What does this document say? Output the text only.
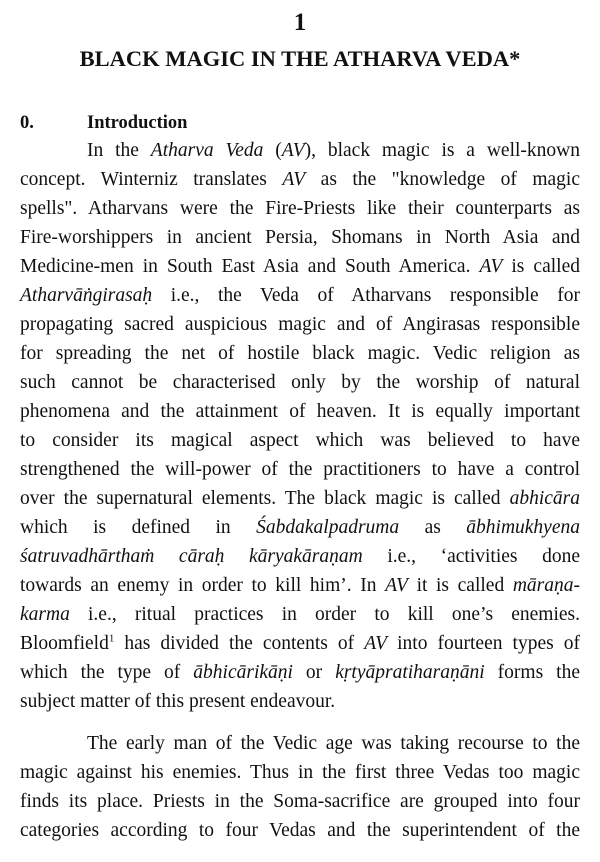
1
BLACK MAGIC IN THE ATHARVA VEDA*
0.	Introduction
In the Atharva Veda (AV), black magic is a well-known
concept. Winterniz translates AV as the "knowledge of magic
spells". Atharvans were the Fire-Priests like their counterparts as
Fire-worshippers in ancient Persia, Shomans in North Asia and
Medicine-men in South East Asia and South America. AV is called
Atharvāṅgirasaḥ i.e., the Veda of Atharvans responsible for
propagating sacred auspicious magic and of Angirasas responsible
for spreading the net of hostile black magic. Vedic religion as
such cannot be characterised only by the worship of natural
phenomena and the attainment of heaven. It is equally important
to consider its magical aspect which was believed to have
strengthened the will-power of the practitioners to have a control
over the supernatural elements. The black magic is called abhicāra
which is defined in Śabdakalpadruma as ābhimukhyena
śatruvadhārthaṁ cāraḥ kāryakāraṇam i.e., ‘activities done
towards an enemy in order to kill him’. In AV it is called māraṇa-
karma i.e., ritual practices in order to kill one’s enemies.
Bloomfield$^1$ has divided the contents of AV into fourteen types of
which the type of ābhicārikāṇi or kṛtyāpratiharaṇāni forms the
subject matter of this present endeavour.
The early man of the Vedic age was taking recourse to the
magic against his enemies. Thus in the first three Vedas too magic
finds its place. Priests in the Soma-sacrifice are grouped into four
categories according to four Vedas and the superintendent of the
